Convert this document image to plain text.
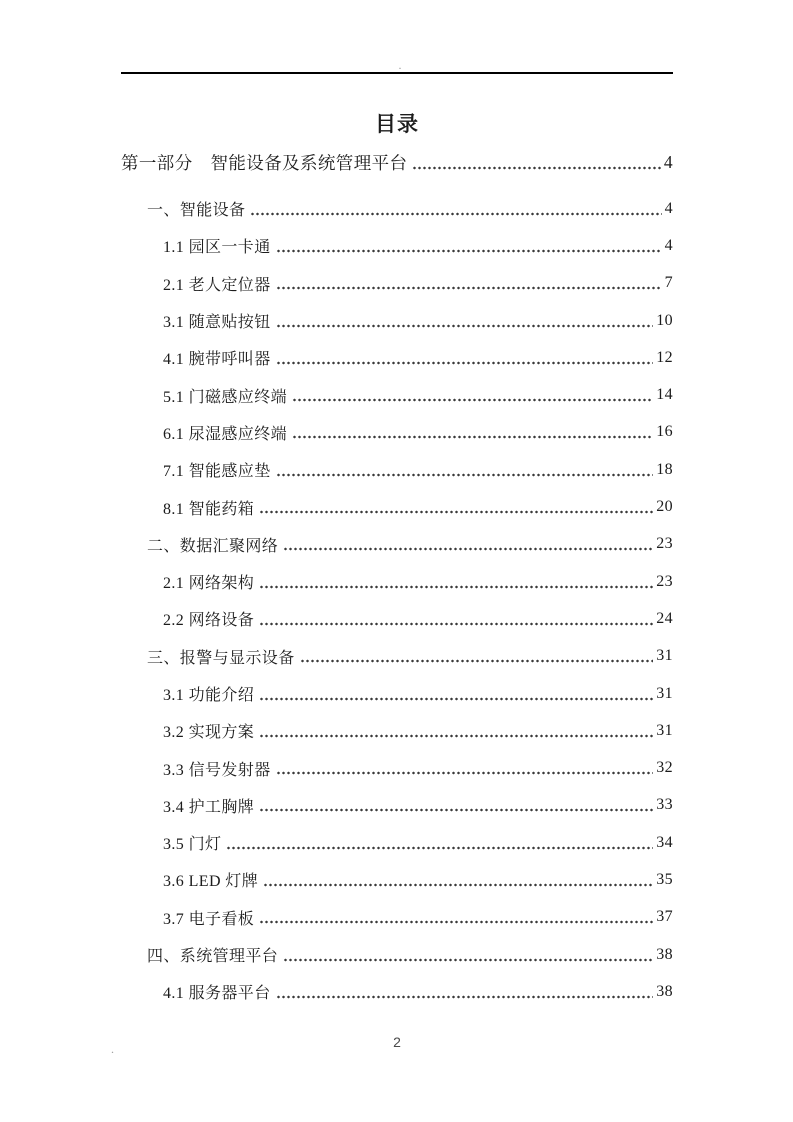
.
目录
第一部分　智能设备及系统管理平台	4
一、智能设备	4
1.1 园区一卡通	4
2.1 老人定位器	7
3.1 随意贴按钮	10
4.1 腕带呼叫器	12
5.1 门磁感应终端	14
6.1 尿湿感应终端	16
7.1 智能感应垫	18
8.1 智能药箱	20
二、数据汇聚网络	23
2.1 网络架构	23
2.2 网络设备	24
三、报警与显示设备	31
3.1 功能介绍	31
3.2 实现方案	31
3.3 信号发射器	32
3.4 护工胸牌	33
3.5 门灯	34
3.6 LED 灯牌	35
3.7 电子看板	37
四、系统管理平台	38
4.1 服务器平台	38
.	2
